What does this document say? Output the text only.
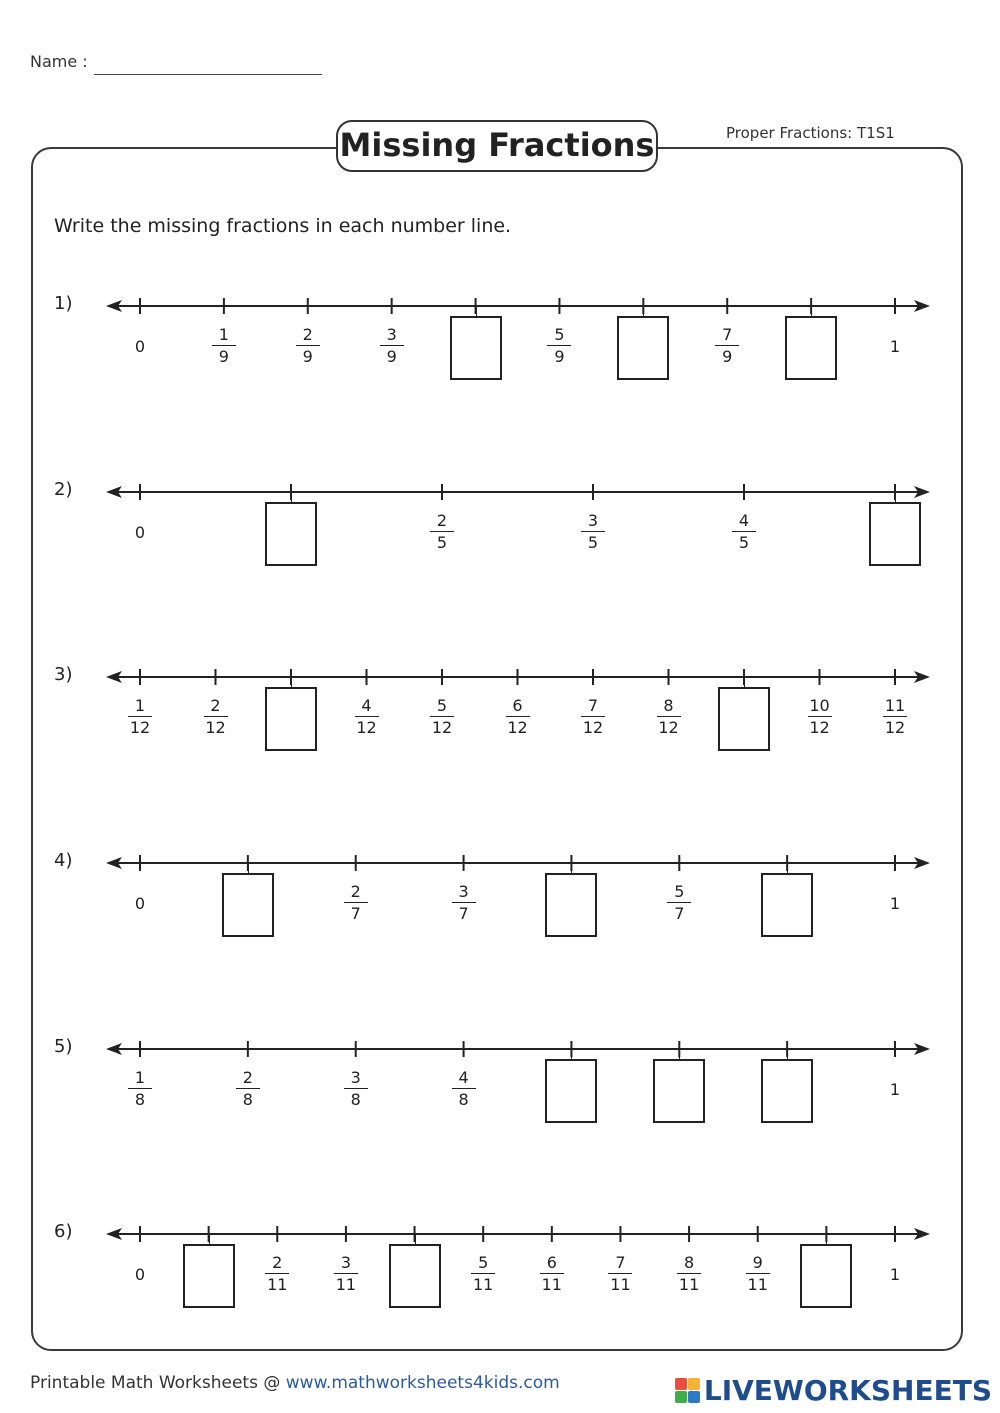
Name :
Missing Fractions	Proper Fractions: T1S1
Write the missing fractions in each number line.
1)
0	$\frac{1}{9}$	$\frac{2}{9}$	$\frac{3}{9}$	$\frac{5}{9}$	$\frac{7}{9}$	1
2)
0	$\frac{2}{5}$	$\frac{3}{5}$	$\frac{4}{5}$
3)
$\frac{1}{12} \frac{2}{12}$	$\frac{4}{12} \frac{5}{12} \frac{6}{12} \frac{7}{12} \frac{8}{12}$	$\frac{10}{12} \frac{11}{12}$
4)
0	$\frac{2}{7}$	$\frac{3}{7}$	$\frac{5}{7}$	1
5)
$\frac{1}{8}$	$\frac{2}{8}$	$\frac{3}{8}$	$\frac{4}{8}$	1
6)
0	$\frac{2}{11} \frac{3}{11}$	$\frac{5}{11} \frac{6}{11} \frac{7}{11} \frac{8}{11} \frac{9}{11}$	1
Printable Math Worksheets @ www.mathworksheets4kids.com	LIVEWORKSHEETS
